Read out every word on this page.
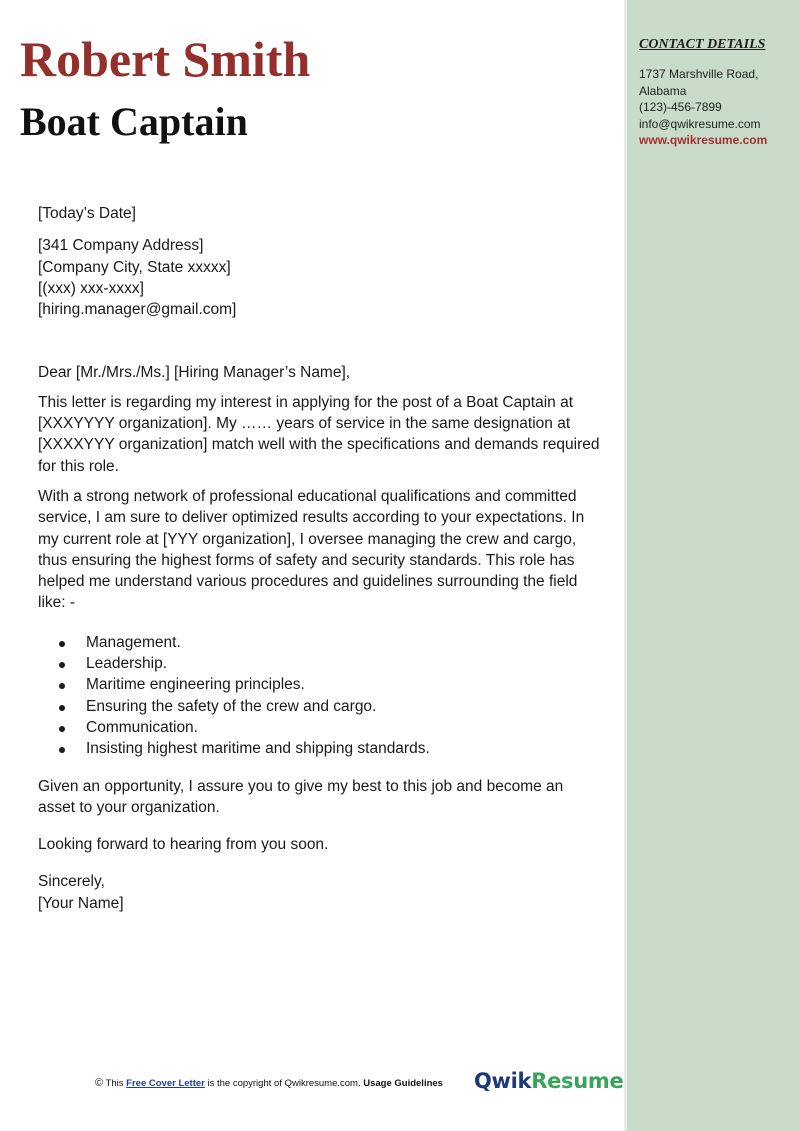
Robert Smith
Boat Captain
CONTACT DETAILS
1737 Marshville Road,
Alabama
(123)-456-7899
info@qwikresume.com
www.qwikresume.com

[Today’s Date]

[341 Company Address]
[Company City, State xxxxx]
[(xxx) xxx-xxxx]
[hiring.manager@gmail.com]

Dear [Mr./Mrs./Ms.] [Hiring Manager’s Name],

This letter is regarding my interest in applying for the post of a Boat Captain at [XXXYYYY organization]. My …… years of service in the same designation at [XXXXYYY organization] match well with the specifications and demands required for this role.

With a strong network of professional educational qualifications and committed service, I am sure to deliver optimized results according to your expectations. In my current role at [YYY organization], I oversee managing the crew and cargo, thus ensuring the highest forms of safety and security standards. This role has helped me understand various procedures and guidelines surrounding the field like: -

Management.
Leadership.
Maritime engineering principles.
Ensuring the safety of the crew and cargo.
Communication.
Insisting highest maritime and shipping standards.

Given an opportunity, I assure you to give my best to this job and become an asset to your organization.

Looking forward to hearing from you soon.

Sincerely,

[Your Name]

© This Free Cover Letter is the copyright of Qwikresume.com. Usage Guidelines QwikResume
